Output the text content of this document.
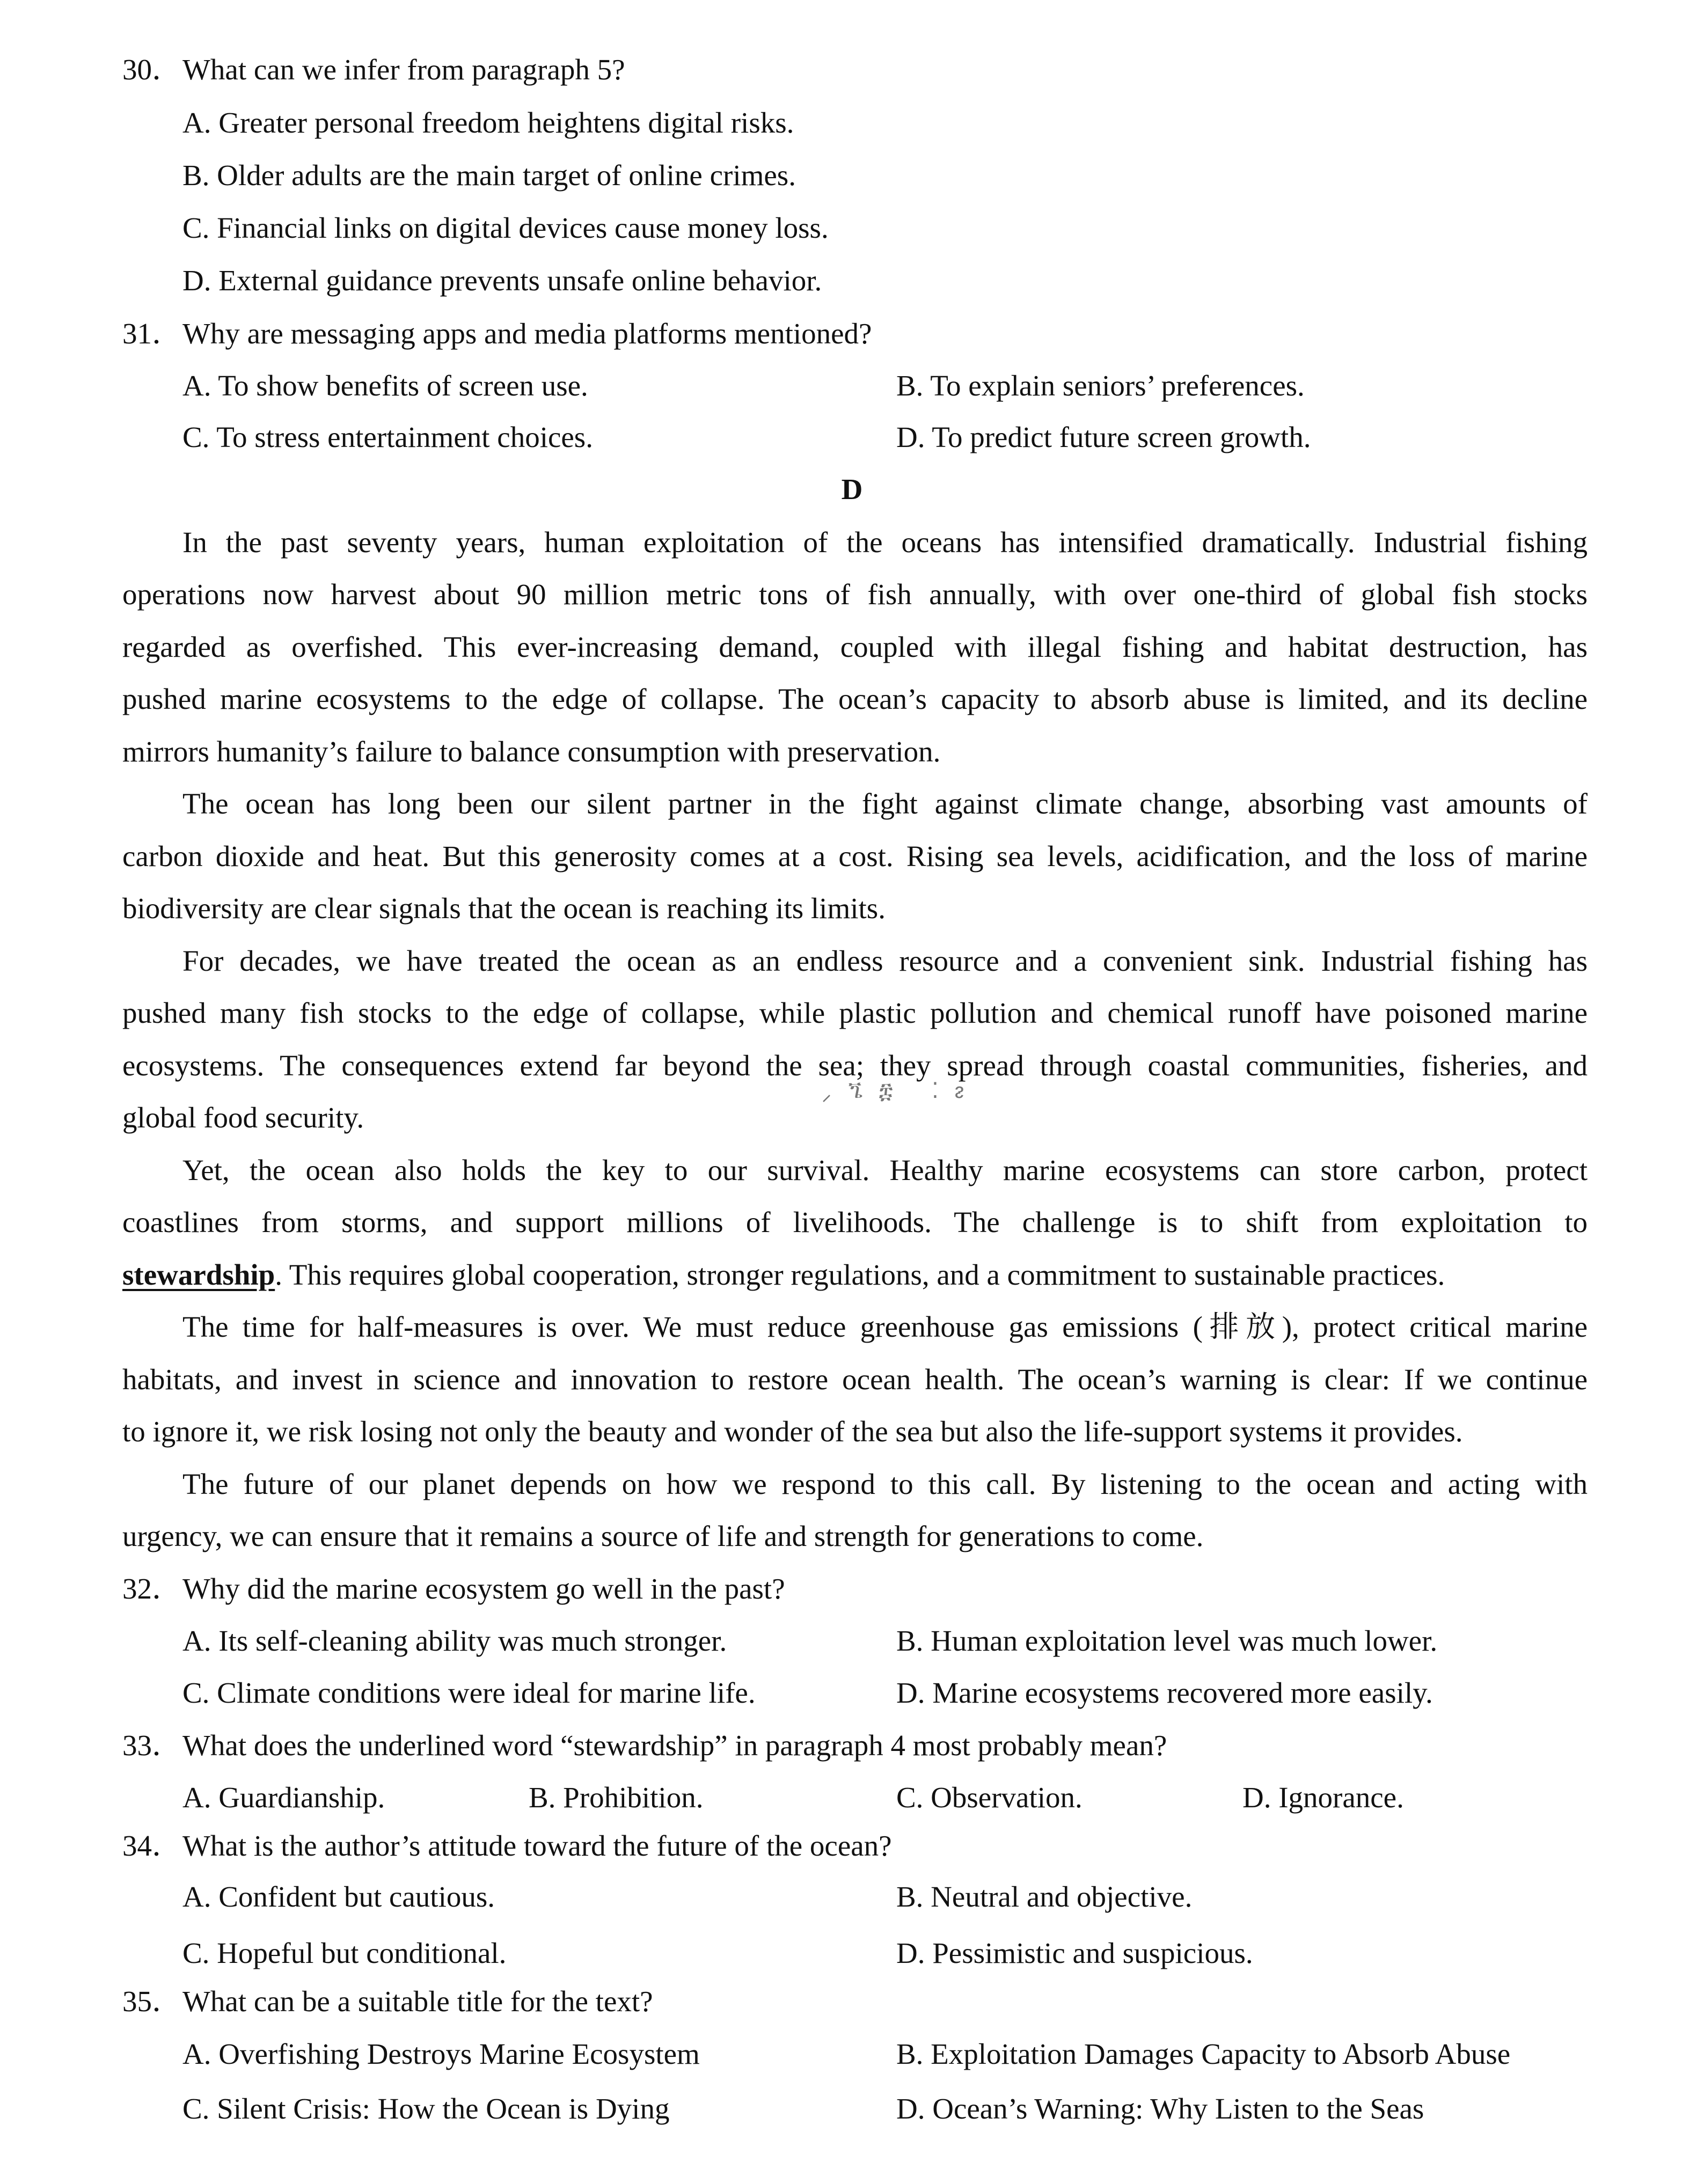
30． What can we infer from paragraph 5?
A. Greater personal freedom heightens digital risks.
B. Older adults are the main target of online crimes.
C. Financial links on digital devices cause money loss.
D. External guidance prevents unsafe online behavior.
31． Why are messaging apps and media platforms mentioned?
A. To show benefits of screen use.	B. To explain seniors’ preferences.
C. To stress entertainment choices.	D. To predict future screen growth.
D
In the past seventy years, human exploitation of the oceans has intensified dramatically. Industrial fishing
operations now harvest about 90 million metric tons of fish annually, with over one-third of global fish stocks
regarded as overfished. This ever-increasing demand, coupled with illegal fishing and habitat destruction, has
pushed marine ecosystems to the edge of collapse. The ocean’s capacity to absorb abuse is limited, and its decline
mirrors humanity’s failure to balance consumption with preservation.
The ocean has long been our silent partner in the fight against climate change, absorbing vast amounts of
carbon dioxide and heat. But this generosity comes at a cost. Rising sea levels, acidification, and the loss of marine
biodiversity are clear signals that the ocean is reaching its limits.
For decades, we have treated the ocean as an endless resource and a convenient sink. Industrial fishing has
pushed many fish stocks to the edge of collapse, while plastic pollution and chemical runoff have poisoned marine
ecosystems. The consequences extend far beyond the sea; they spread through coastal communities, fisheries, and
global food security.
⸝ጜ፰ ⁚ᴤ
Yet, the ocean also holds the key to our survival. Healthy marine ecosystems can store carbon, protect
coastlines from storms, and support millions of livelihoods. The challenge is to shift from exploitation to
stewardship. This requires global cooperation, stronger regulations, and a commitment to sustainable practices.
The time for half-measures is over. We must reduce greenhouse gas emissions (排放), protect critical marine
habitats, and invest in science and innovation to restore ocean health. The ocean’s warning is clear: If we continue
to ignore it, we risk losing not only the beauty and wonder of the sea but also the life-support systems it provides.
The future of our planet depends on how we respond to this call. By listening to the ocean and acting with
urgency, we can ensure that it remains a source of life and strength for generations to come.
32． Why did the marine ecosystem go well in the past?
A. Its self-cleaning ability was much stronger.	B. Human exploitation level was much lower.
C. Climate conditions were ideal for marine life.	D. Marine ecosystems recovered more easily.
33． What does the underlined word “stewardship” in paragraph 4 most probably mean?
A. Guardianship.	B. Prohibition.	C. Observation.	D. Ignorance.
34． What is the author’s attitude toward the future of the ocean?
A. Confident but cautious.	B. Neutral and objective.
C. Hopeful but conditional.	D. Pessimistic and suspicious.
35． What can be a suitable title for the text?
A. Overfishing Destroys Marine Ecosystem	B. Exploitation Damages Capacity to Absorb Abuse
C. Silent Crisis: How the Ocean is Dying	D. Ocean’s Warning: Why Listen to the Seas
